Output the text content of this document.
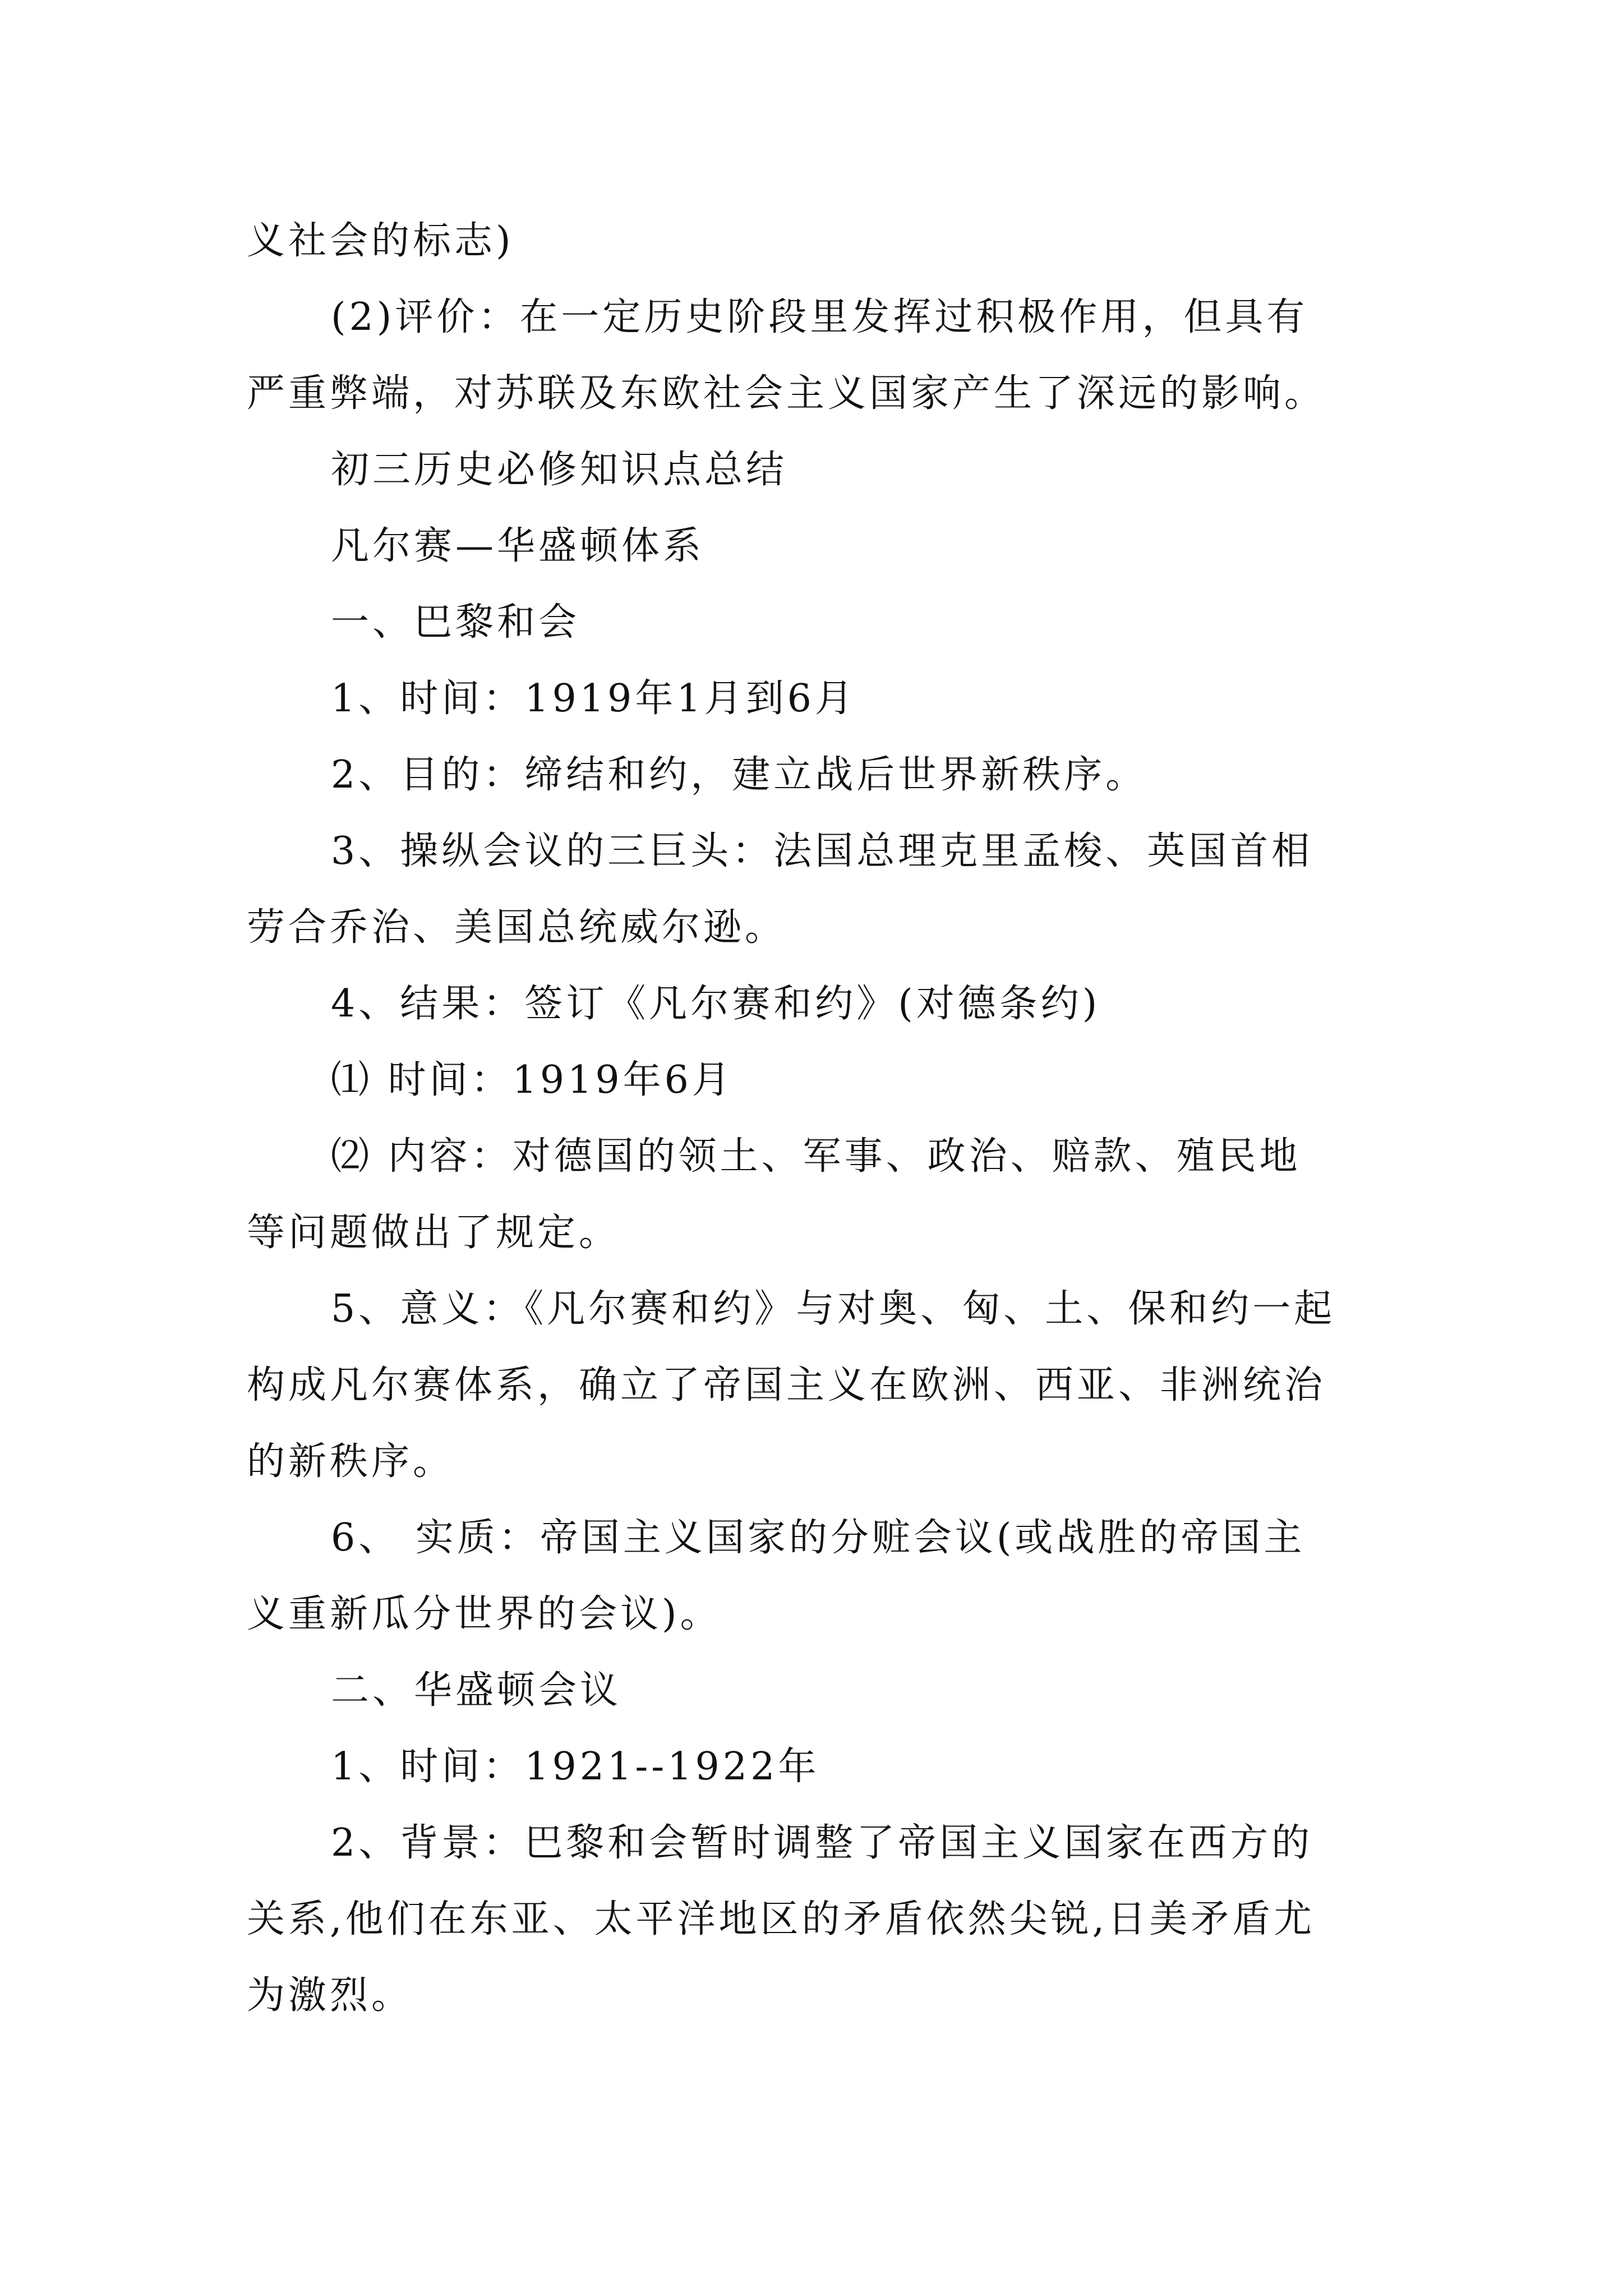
义社会的标志)
(2)评价：在一定历史阶段里发挥过积极作用，但具有
严重弊端，对苏联及东欧社会主义国家产生了深远的影响。
初三历史必修知识点总结
凡尔赛—华盛顿体系
一、巴黎和会
1、时间：1919年1月到6月
2、目的：缔结和约，建立战后世界新秩序。
3、操纵会议的三巨头：法国总理克里孟梭、英国首相
劳合乔治、美国总统威尔逊。
4、结果：签订《凡尔赛和约》(对德条约)
⑴ 时间：1919年6月
⑵ 内容：对德国的领土、军事、政治、赔款、殖民地
等问题做出了规定。
5、意义：《凡尔赛和约》与对奥、匈、土、保和约一起
构成凡尔赛体系，确立了帝国主义在欧洲、西亚、非洲统治
的新秩序。
6、 实质：帝国主义国家的分赃会议(或战胜的帝国主
义重新瓜分世界的会议)。
二、华盛顿会议
1、时间：1921--1922年
2、背景：巴黎和会暂时调整了帝国主义国家在西方的
关系,他们在东亚、太平洋地区的矛盾依然尖锐,日美矛盾尤
为激烈。
